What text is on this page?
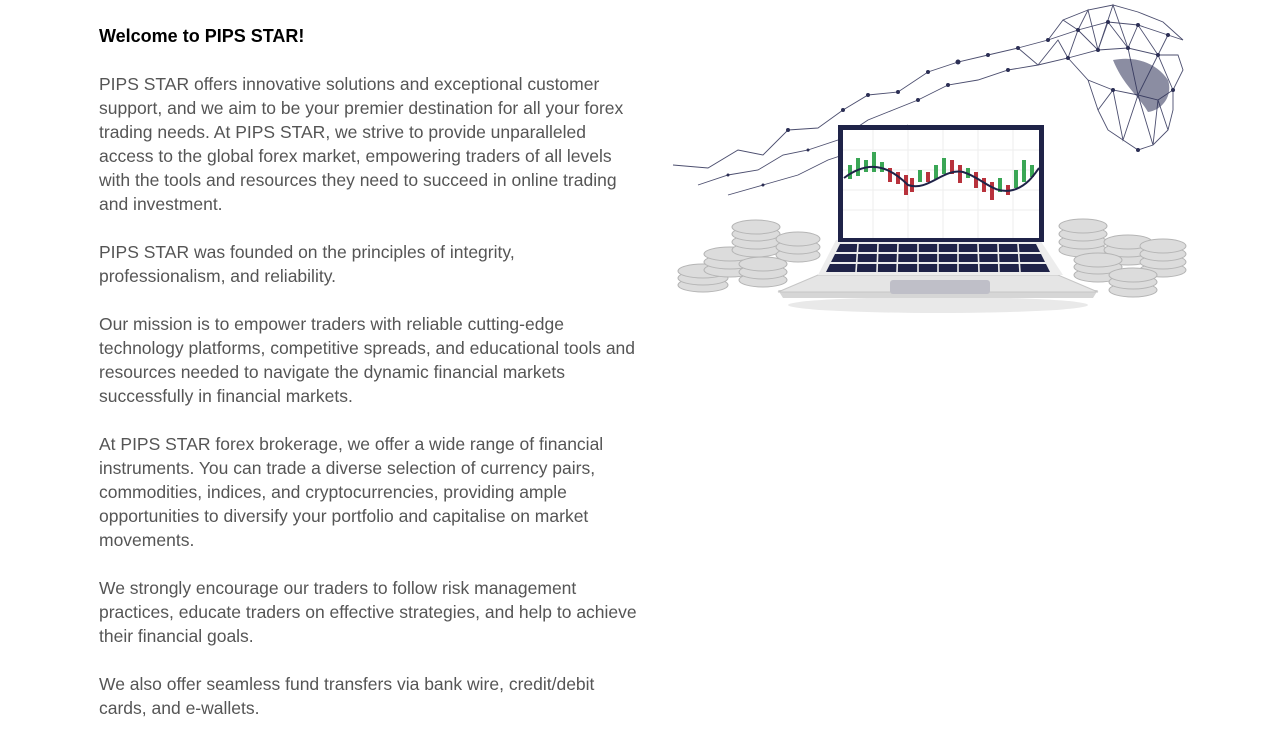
Welcome to PIPS STAR!

PIPS STAR offers innovative solutions and exceptional customer support, and we aim to be your premier destination for all your forex trading needs. At PIPS STAR, we strive to provide unparalleled access to the global forex market, empowering traders of all levels with the tools and resources they need to succeed in online trading and investment.

PIPS STAR was founded on the principles of integrity, professionalism, and reliability.

Our mission is to empower traders with reliable cutting-edge technology platforms, competitive spreads, and educational tools and resources needed to navigate the dynamic financial markets successfully in financial markets.

At PIPS STAR forex brokerage, we offer a wide range of financial instruments. You can trade a diverse selection of currency pairs, commodities, indices, and cryptocurrencies, providing ample opportunities to diversify your portfolio and capitalise on market movements.

We strongly encourage our traders to follow risk management practices, educate traders on effective strategies, and help to achieve their financial goals.

We also offer seamless fund transfers via bank wire, credit/debit cards, and e-wallets.
